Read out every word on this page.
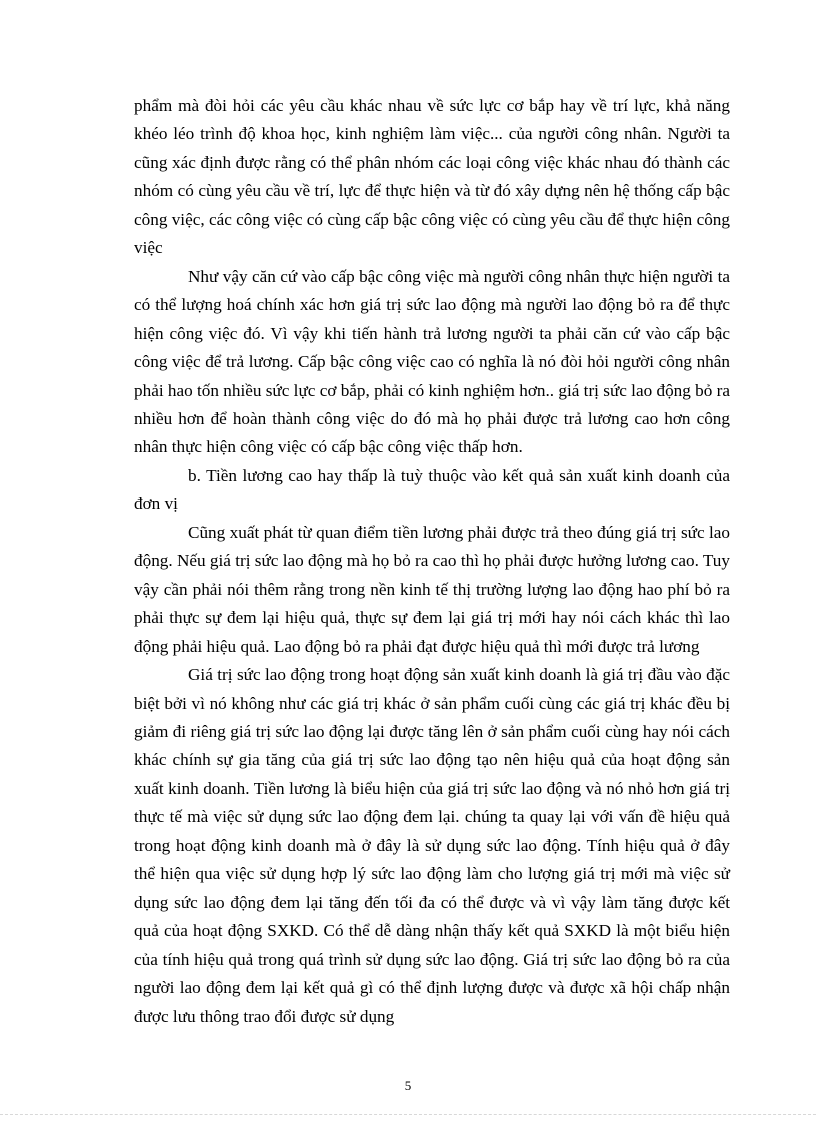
phẩm mà đòi hỏi các yêu cầu khác nhau về sức lực cơ bắp hay về trí lực, khả năng khéo léo trình độ khoa học, kinh nghiệm làm việc... của người công nhân. Người ta cũng xác định được rằng có thể phân nhóm các loại công việc khác nhau đó thành các nhóm có cùng yêu cầu về trí, lực để thực hiện và từ đó xây dựng nên hệ thống cấp bậc công việc, các công việc có cùng cấp bậc công việc có cùng yêu cầu để thực hiện công việc

Như vậy căn cứ vào cấp bậc công việc mà người công nhân thực hiện người ta có thể lượng hoá chính xác hơn giá trị sức lao động mà người lao động bỏ ra để thực hiện công việc đó. Vì vậy khi tiến hành trả lương người ta phải căn cứ vào cấp bậc công việc để trả lương. Cấp bậc công việc cao có nghĩa là nó đòi hỏi người công nhân phải hao tốn nhiều sức lực cơ bắp, phải có kinh nghiệm hơn.. giá trị sức lao động bỏ ra nhiều hơn để hoàn thành công việc do đó mà họ phải được trả lương cao hơn công nhân thực hiện công việc có cấp bậc công việc thấp hơn.

b. Tiền lương cao hay thấp là tuỳ thuộc vào kết quả sản xuất kinh doanh của đơn vị

Cũng xuất phát từ quan điểm tiền lương phải được trả theo đúng giá trị sức lao động. Nếu giá trị sức lao động mà họ bỏ ra cao thì họ phải được hưởng lương cao. Tuy vậy cần phải nói thêm rằng trong nền kinh tế thị trường lượng lao động hao phí bỏ ra phải thực sự đem lại hiệu quả, thực sự đem lại giá trị mới hay nói cách khác thì lao động phải hiệu quả. Lao động bỏ ra phải đạt được hiệu quả thì mới được trả lương

Giá trị sức lao động trong hoạt động sản xuất kinh doanh là giá trị đầu vào đặc biệt bởi vì nó không như các giá trị khác ở sản phẩm cuối cùng các giá trị khác đều bị giảm đi riêng giá trị sức lao động lại được tăng lên ở sản phẩm cuối cùng hay nói cách khác chính sự gia tăng của giá trị sức lao động tạo nên hiệu quả của hoạt động sản xuất kinh doanh. Tiền lương là biểu hiện của giá trị sức lao động và nó nhỏ hơn giá trị thực tế mà việc sử dụng sức lao động đem lại. chúng ta quay lại với vấn đề hiệu quả trong hoạt động kinh doanh mà ở đây là sử dụng sức lao động. Tính hiệu quả ở đây thể hiện qua việc sử dụng hợp lý sức lao động làm cho lượng giá trị mới mà việc sử dụng sức lao động đem lại tăng đến tối đa có thể được và vì vậy làm tăng được kết quả của hoạt động SXKD. Có thể dễ dàng nhận thấy kết quả SXKD là một biểu hiện của tính hiệu quả trong quá trình sử dụng sức lao động. Giá trị sức lao động bỏ ra của người lao động đem lại kết quả gì có thể định lượng được và được xã hội chấp nhận được lưu thông trao đổi được sử dụng

5
